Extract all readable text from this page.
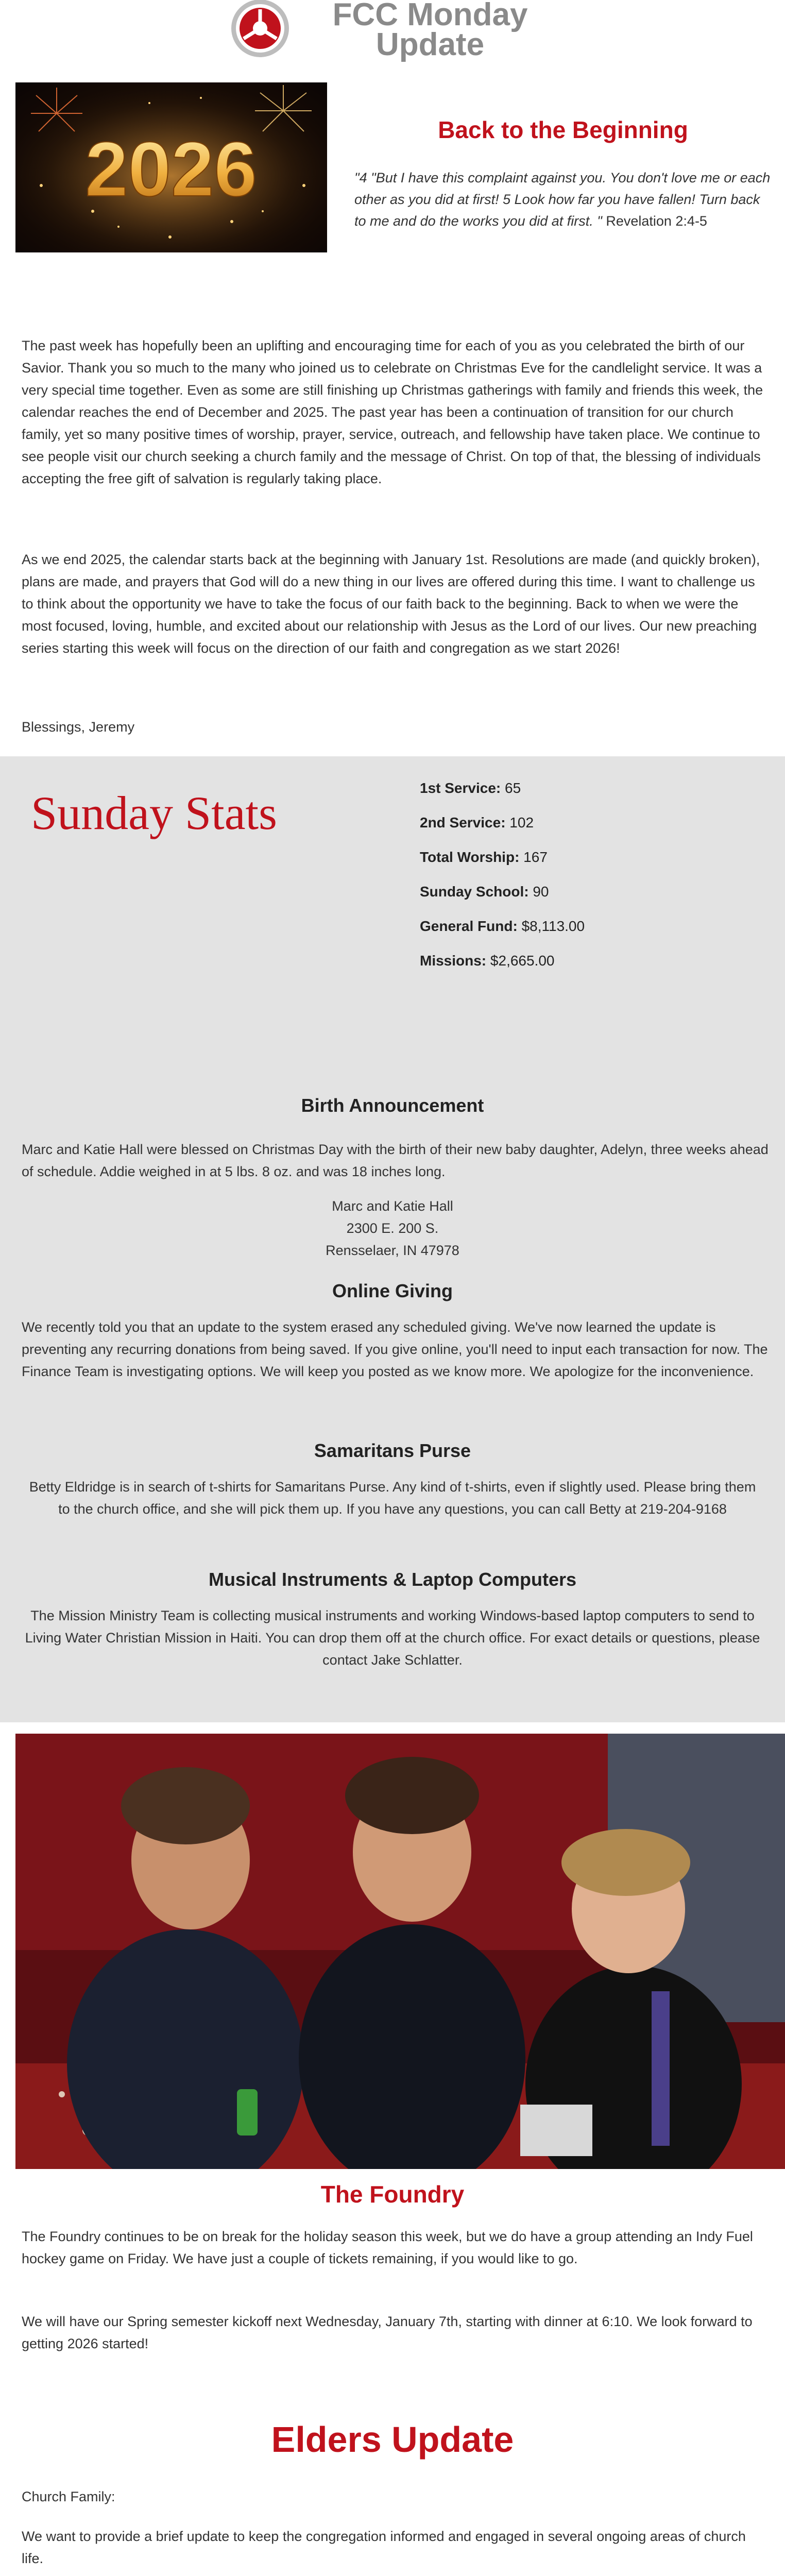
FCC Monday
Update
2026	Back to the Beginning

"4 "But I have this complaint against you. You don't love me or each other as you did at first! 5 Look how far you have fallen! Turn back to me and do the works you did at first. " Revelation 2:4-5

The past week has hopefully been an uplifting and encouraging time for each of you as you celebrated the birth of our Savior. Thank you so much to the many who joined us to celebrate on Christmas Eve for the candlelight service. It was a very special time together. Even as some are still finishing up Christmas gatherings with family and friends this week, the calendar reaches the end of December and 2025. The past year has been a continuation of transition for our church family, yet so many positive times of worship, prayer, service, outreach, and fellowship have taken place. We continue to see people visit our church seeking a church family and the message of Christ. On top of that, the blessing of individuals accepting the free gift of salvation is regularly taking place.

As we end 2025, the calendar starts back at the beginning with January 1st. Resolutions are made (and quickly broken), plans are made, and prayers that God will do a new thing in our lives are offered during this time. I want to challenge us to think about the opportunity we have to take the focus of our faith back to the beginning. Back to when we were the most focused, loving, humble, and excited about our relationship with Jesus as the Lord of our lives. Our new preaching series starting this week will focus on the direction of our faith and congregation as we start 2026!

Blessings, Jeremy

Sunday Stats	1st Service: 65
2nd Service: 102
Total Worship: 167
Sunday School: 90
General Fund: $8,113.00
Missions: $2,665.00
Birth Announcement

Marc and Katie Hall were blessed on Christmas Day with the birth of their new baby daughter, Adelyn, three weeks ahead of schedule. Addie weighed in at 5 lbs. 8 oz. and was 18 inches long.

Marc and Katie Hall
2300 E. 200 S.
Rensselaer, IN 47978
Online Giving

We recently told you that an update to the system erased any scheduled giving. We've now learned the update is preventing any recurring donations from being saved. If you give online, you'll need to input each transaction for now. The Finance Team is investigating options. We will keep you posted as we know more. We apologize for the inconvenience.

Samaritans Purse

Betty Eldridge is in search of t-shirts for Samaritans Purse. Any kind of t-shirts, even if slightly used. Please bring them to the church office, and she will pick them up. If you have any questions, you can call Betty at 219-204-9168

Musical Instruments & Laptop Computers

The Mission Ministry Team is collecting musical instruments and working Windows-based laptop computers to send to Living Water Christian Mission in Haiti. You can drop them off at the church office. For exact details or questions, please contact Jake Schlatter.

The Foundry

The Foundry continues to be on break for the holiday season this week, but we do have a group attending an Indy Fuel hockey game on Friday. We have just a couple of tickets remaining, if you would like to go.

We will have our Spring semester kickoff next Wednesday, January 7th, starting with dinner at 6:10. We look forward to getting 2026 started!

Elders Update

Church Family:

We want to provide a brief update to keep the congregation informed and engaged in several ongoing areas of church life.
